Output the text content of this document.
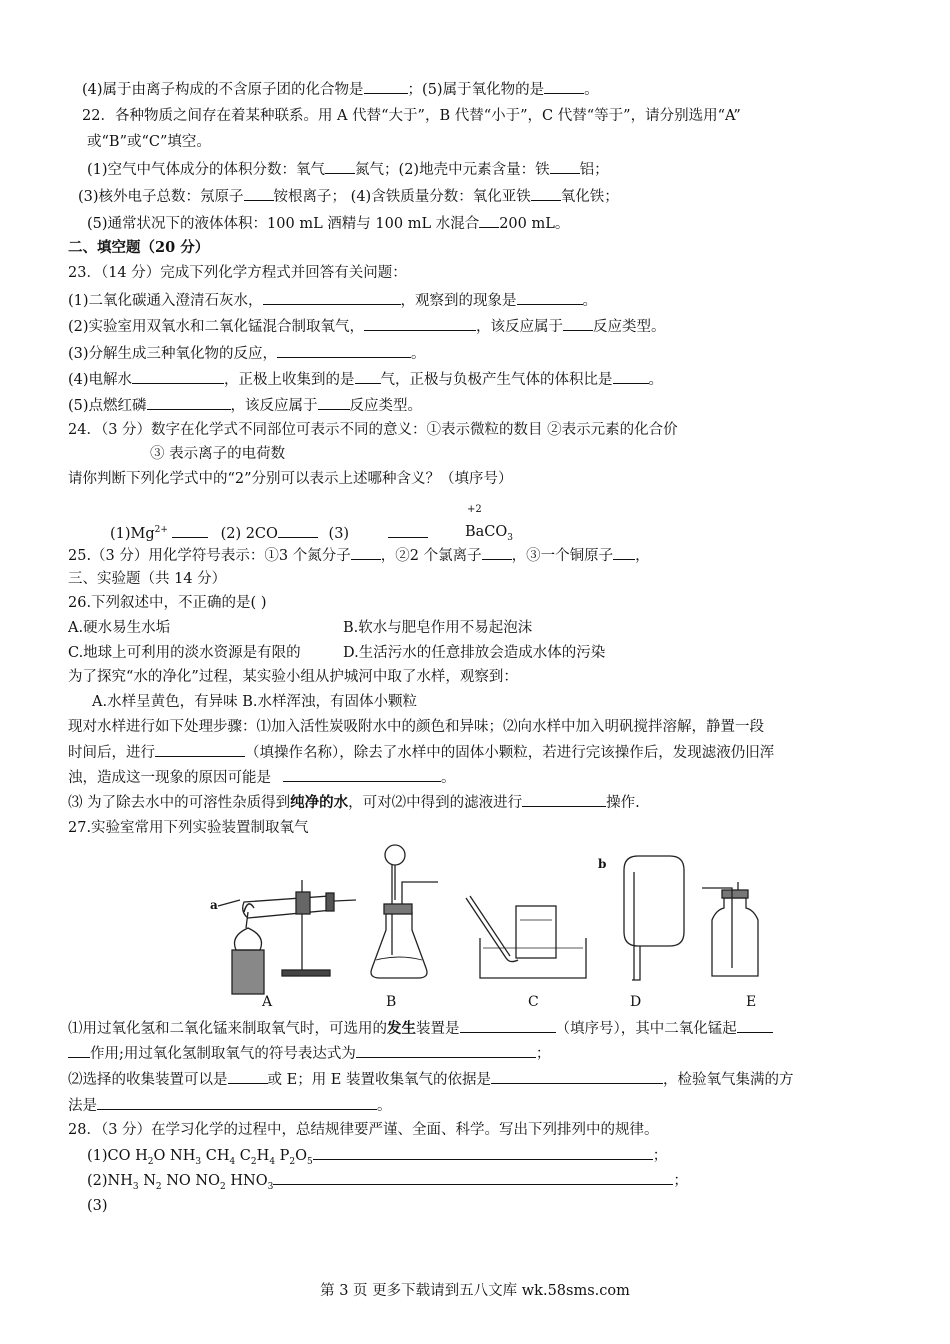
(4)属于由离子构成的不含原子团的化合物是	；(5)属于氧化物的是	。
22．各种物质之间存在着某种联系。用 A 代替“大于”，B 代替“小于”，C 代替“等于”，请分别选用“A”
或“B”或“C”填空。
(1)空气中气体成分的体积分数：氧气 氮气；(2)地壳中元素含量：铁 铝；
(3)核外电子总数：氖原子 铵根离子； (4)含铁质量分数：氧化亚铁 氧化铁；
(5)通常状况下的液体体积：100 mL 酒精与 100 mL 水混合 200 mL。
二、填空题（20 分）
23．（14 分）完成下列化学方程式并回答有关问题：
(1)二氧化碳通入澄清石灰水，	，观察到的现象是	。
(2)实验室用双氧水和二氧化锰混合制取氧气，	，该反应属于 反应类型。
(3)分解生成三种氧化物的反应，	。
(4)电解水	，正极上收集到的是 气，正极与负极产生气体的体积比是 。
(5)点燃红磷	，该反应属于 反应类型。
24．（3 分）数字在化学式不同部位可表示不同的意义：①表示微粒的数目 ②表示元素的化合价
③ 表示离子的电荷数
请你判断下列化学式中的“2”分别可以表示上述哪种含义？（填序号）
+2
$(1)Mg^{2+}$	(2) 2CO	(3)	BaCO$_3$
25.（3 分）用化学符号表示：①3 个氮分子 ，②2 个氯离子 ，③一个铜原子 ，
三、实验题（共 14 分）
26.下列叙述中，不正确的是( )
A.硬水易生水垢	B.软水与肥皂作用不易起泡沫
C.地球上可利用的淡水资源是有限的	D.生活污水的任意排放会造成水体的污染
为了探究“水的净化”过程，某实验小组从护城河中取了水样，观察到：
A.水样呈黄色，有异味 B.水样浑浊，有固体小颗粒
现对水样进行如下处理步骤：⑴加入活性炭吸附水中的颜色和异味；⑵向水样中加入明矾搅拌溶解，静置一段
时间后，进行	（填操作名称），除去了水样中的固体小颗粒，若进行完该操作后，发现滤液仍旧浑
浊，造成这一现象的原因可能是	。
⑶ 为了除去水中的可溶性杂质得到纯净的水，可对⑵中得到的滤液进行	操作.
27.实验室常用下列实验装置制取氧气
a
b
A	B	C	D	E
⑴用过氧化氢和二氧化锰来制取氧气时，可选用的发生装置是	（填序号），其中二氧化锰起
作用;用过氧化氢制取氧气的符号表达式为	；
⑵选择的收集装置可以是	或 E；用 E 装置收集氧气的依据是	，检验氧气集满的方
法是	。
28．（3 分）在学习化学的过程中，总结规律要严谨、全面、科学。写出下列排列中的规律。
(1)CO $H_2O$ $NH_3$ $CH_4$ $C_2H_4$ $P_2O_5$	；
$(2)NH_3$ $N_2$ NO $NO_2$ $HNO_3$	；
(3)
第 3 页 更多下载请到五八文库 wk.58sms.com
